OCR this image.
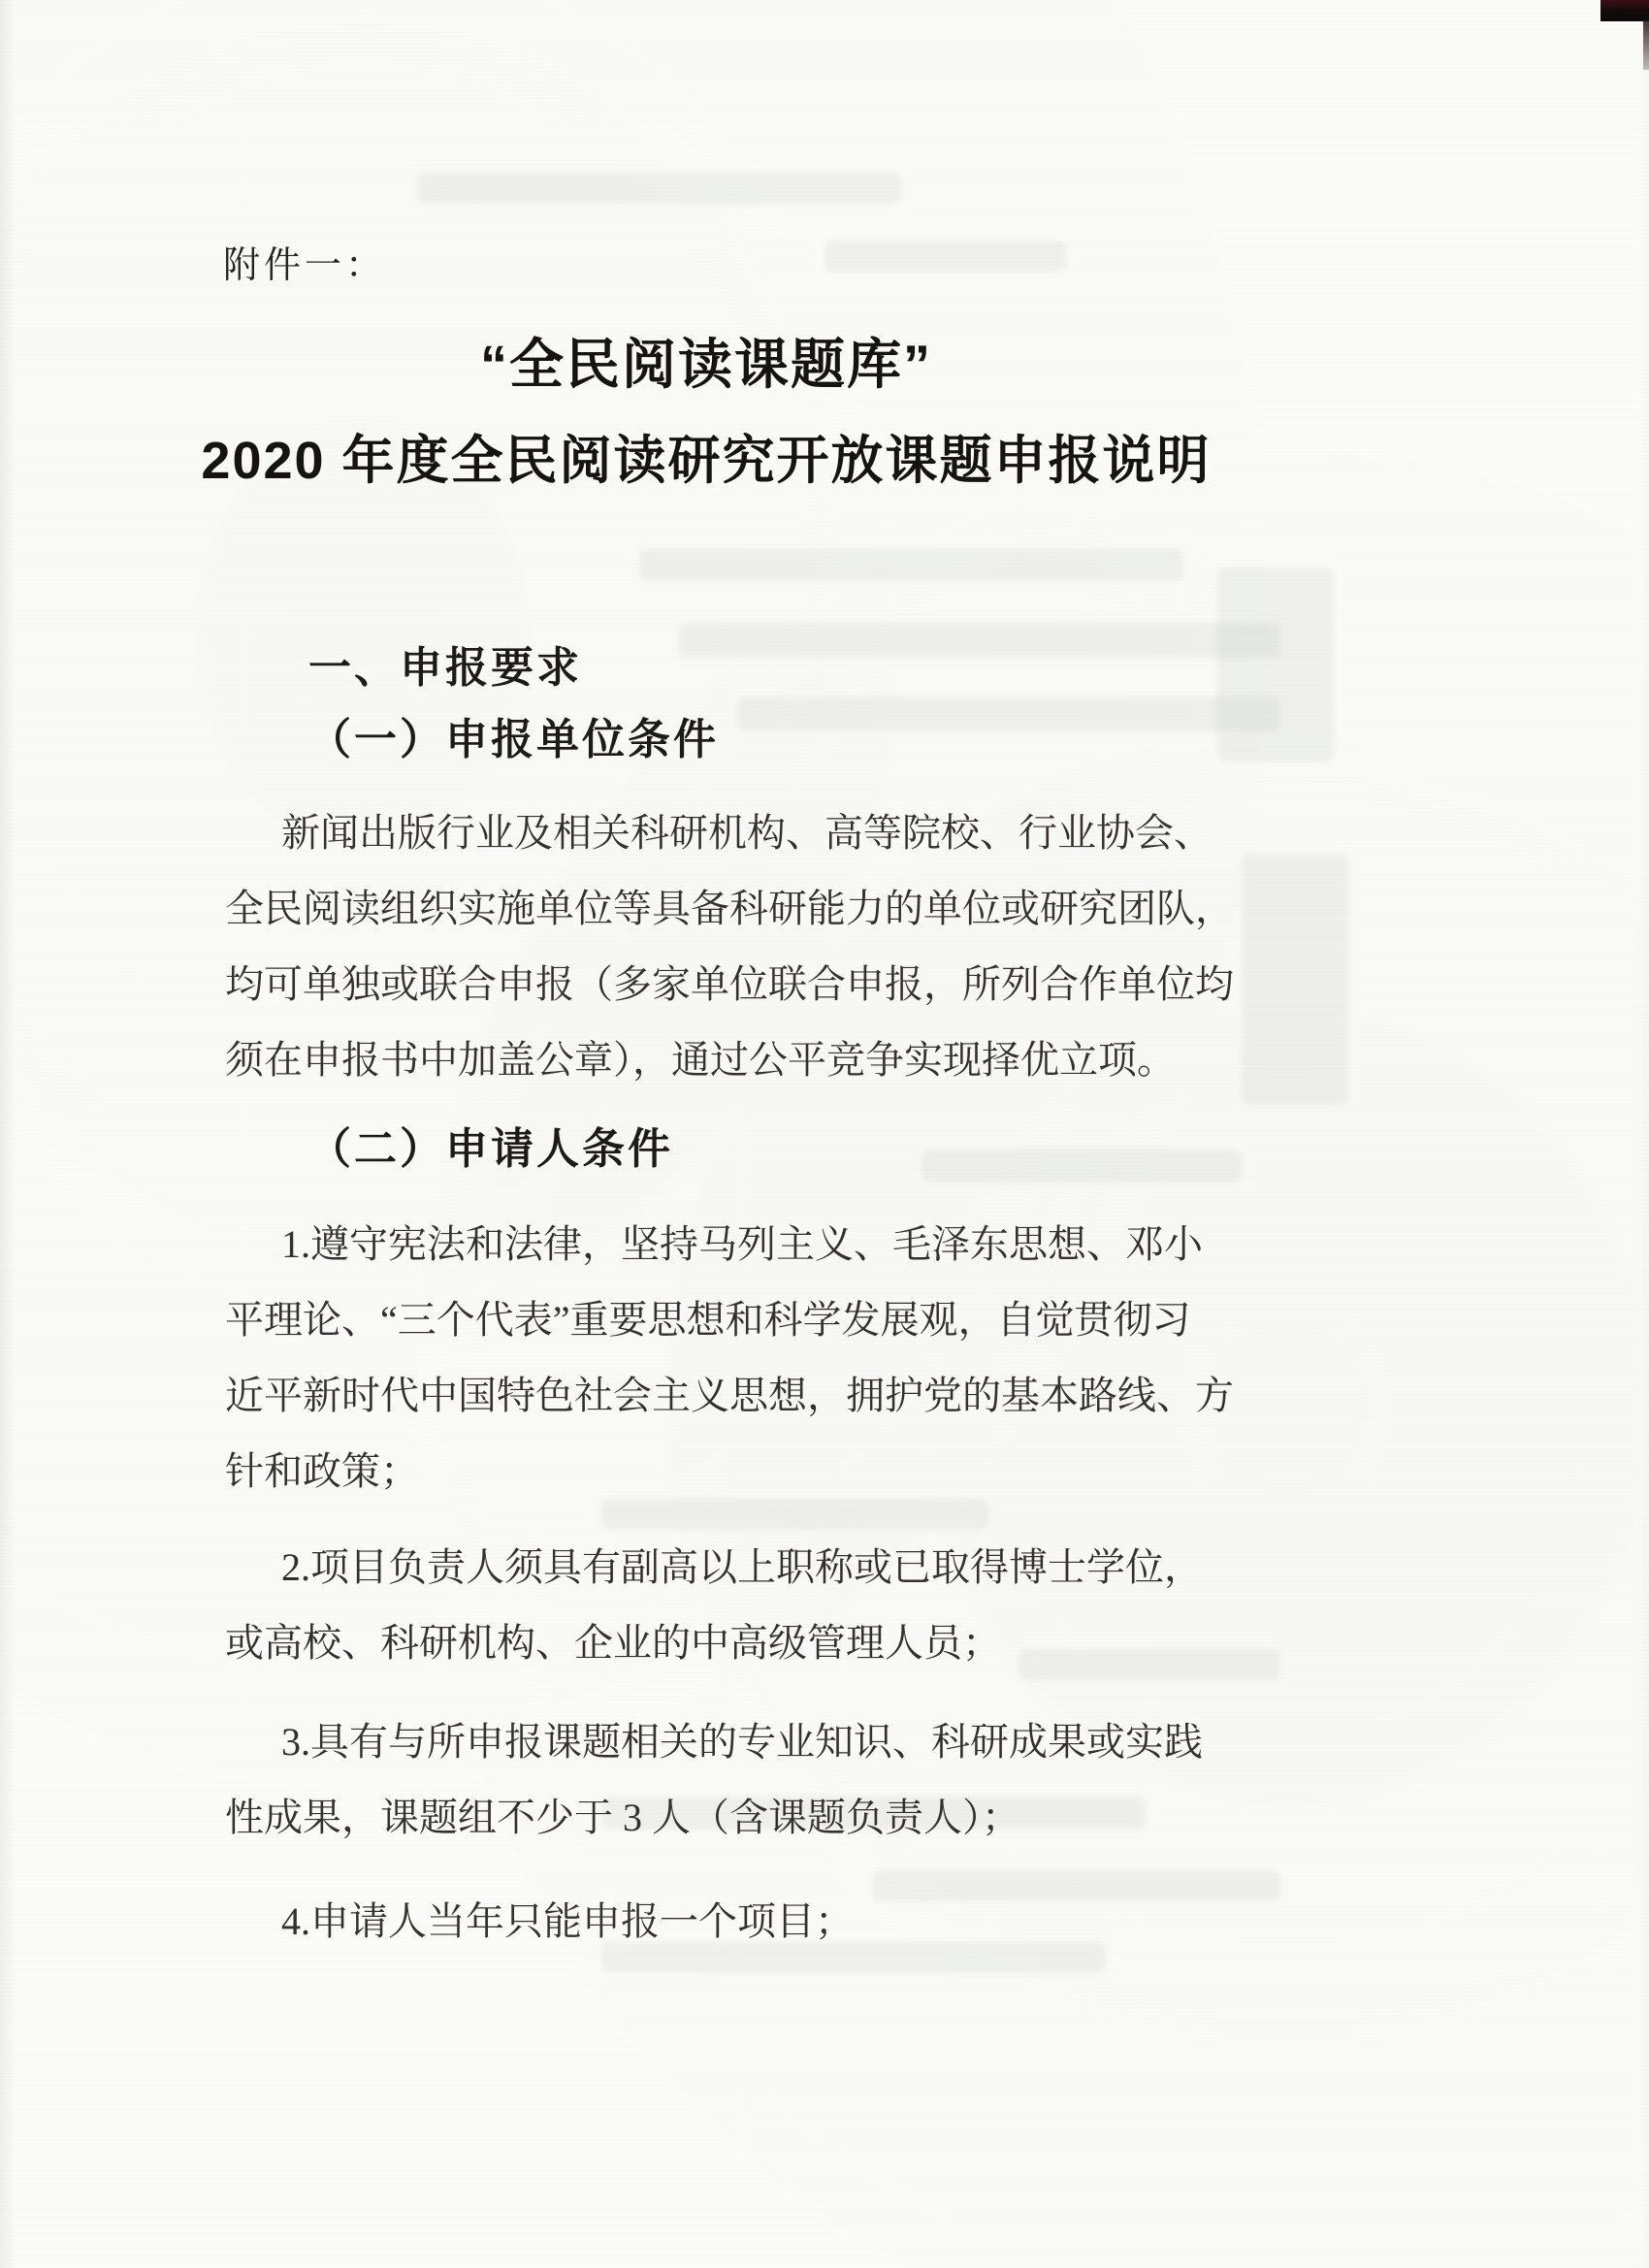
附件一：
“全民阅读课题库”
2020 年度全民阅读研究开放课题申报说明
一、申报要求
（一）申报单位条件
新闻出版行业及相关科研机构、高等院校、行业协会、
全民阅读组织实施单位等具备科研能力的单位或研究团队，
均可单独或联合申报（多家单位联合申报，所列合作单位均
须在申报书中加盖公章），通过公平竞争实现择优立项。
（二）申请人条件
1.遵守宪法和法律，坚持马列主义、毛泽东思想、邓小
平理论、“三个代表”重要思想和科学发展观，自觉贯彻习
近平新时代中国特色社会主义思想，拥护党的基本路线、方
针和政策；
2.项目负责人须具有副高以上职称或已取得博士学位，
或高校、科研机构、企业的中高级管理人员；
3.具有与所申报课题相关的专业知识、科研成果或实践
性成果，课题组不少于 3 人（含课题负责人）；
4.申请人当年只能申报一个项目；
